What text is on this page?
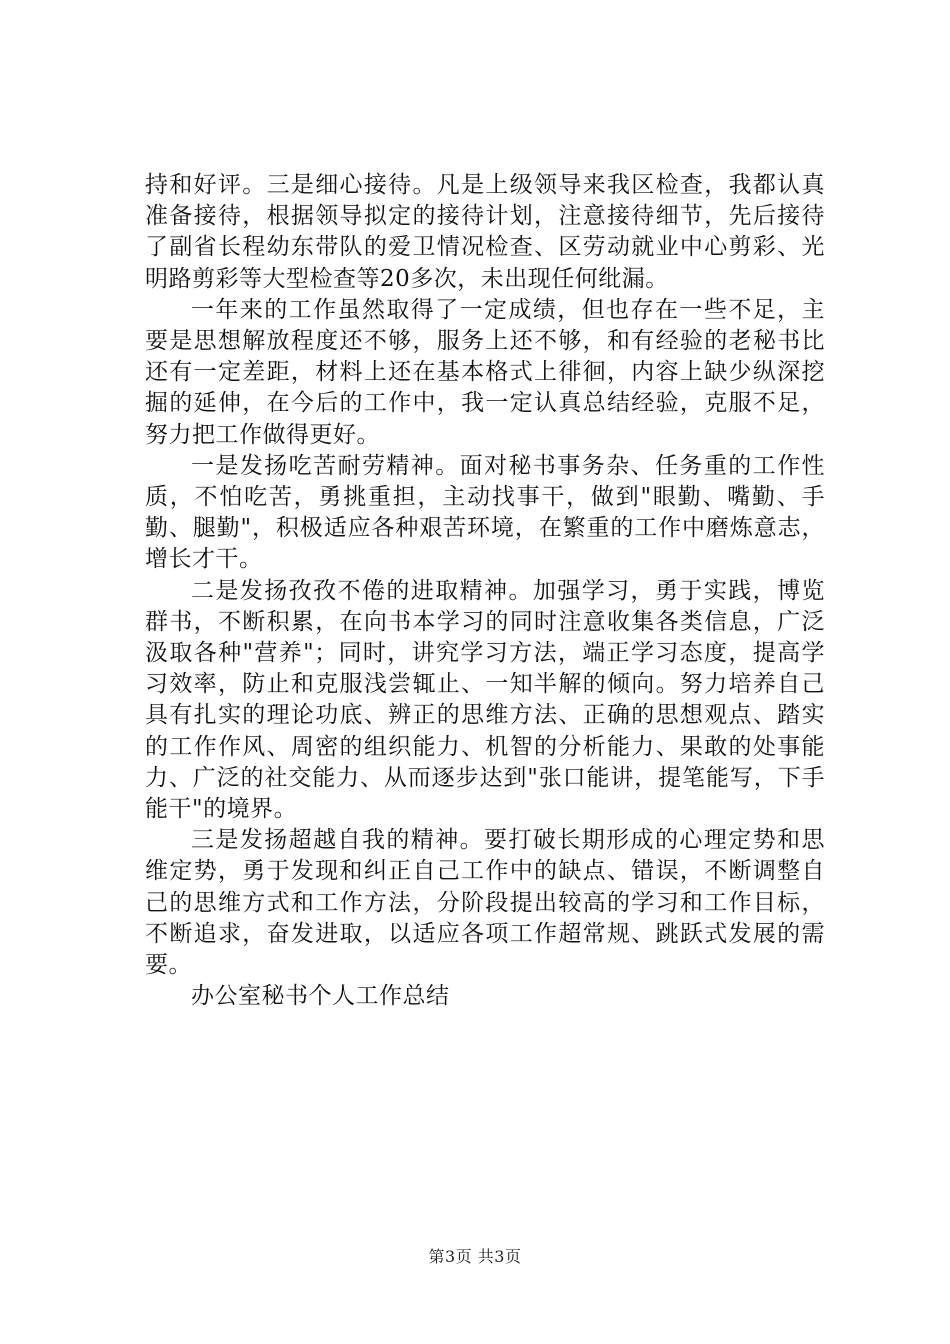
持和好评。三是细心接待。凡是上级领导来我区检查，我都认真准备接待，根据领导拟定的接待计划，注意接待细节，先后接待了副省长程幼东带队的爱卫情况检查、区劳动就业中心剪彩、光明路剪彩等大型检查等20多次，未出现任何纰漏。

一年来的工作虽然取得了一定成绩，但也存在一些不足，主要是思想解放程度还不够，服务上还不够，和有经验的老秘书比还有一定差距，材料上还在基本格式上徘徊，内容上缺少纵深挖掘的延伸，在今后的工作中，我一定认真总结经验，克服不足，努力把工作做得更好。

一是发扬吃苦耐劳精神。面对秘书事务杂、任务重的工作性质，不怕吃苦，勇挑重担，主动找事干，做到"眼勤、嘴勤、手勤、腿勤"，积极适应各种艰苦环境，在繁重的工作中磨炼意志，增长才干。

二是发扬孜孜不倦的进取精神。加强学习，勇于实践，博览群书，不断积累，在向书本学习的同时注意收集各类信息，广泛汲取各种"营养"；同时，讲究学习方法，端正学习态度，提高学习效率，防止和克服浅尝辄止、一知半解的倾向。努力培养自己具有扎实的理论功底、辨正的思维方法、正确的思想观点、踏实的工作作风、周密的组织能力、机智的分析能力、果敢的处事能力、广泛的社交能力、从而逐步达到"张口能讲，提笔能写，下手能干"的境界。

三是发扬超越自我的精神。要打破长期形成的心理定势和思维定势，勇于发现和纠正自己工作中的缺点、错误，不断调整自己的思维方式和工作方法，分阶段提出较高的学习和工作目标，不断追求，奋发进取，以适应各项工作超常规、跳跃式发展的需要。

办公室秘书个人工作总结

第3页 共3页
